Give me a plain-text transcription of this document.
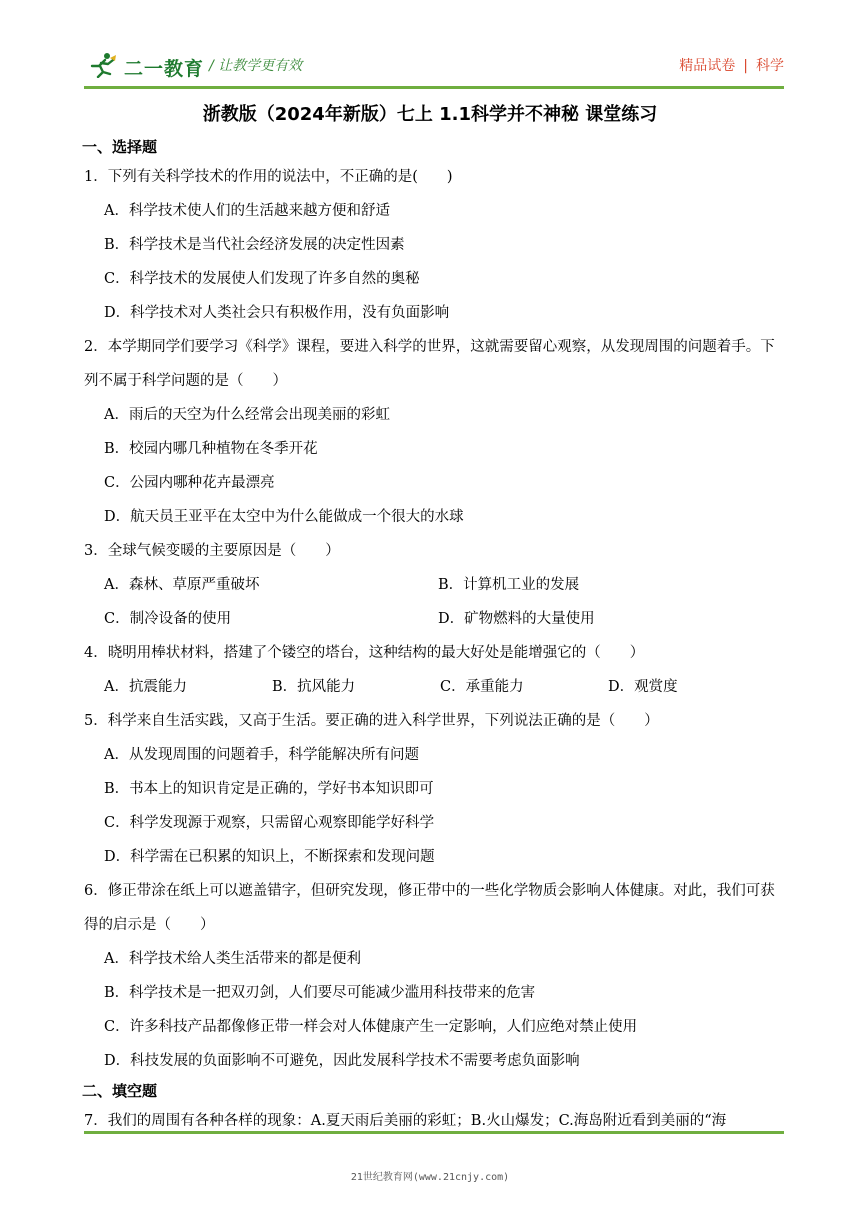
二一教育 / 让教学更有效	精品试卷 | 科学
浙教版（2024年新版）七上 1.1科学并不神秘 课堂练习
一、选择题
1．下列有关科学技术的作用的说法中，不正确的是(　　)
A．科学技术使人们的生活越来越方便和舒适
B．科学技术是当代社会经济发展的决定性因素
C．科学技术的发展使人们发现了许多自然的奥秘
D．科学技术对人类社会只有积极作用，没有负面影响
2．本学期同学们要学习《科学》课程，要进入科学的世界，这就需要留心观察，从发现周围的问题着手。下列不属于科学问题的是（　　）
A．雨后的天空为什么经常会出现美丽的彩虹
B．校园内哪几种植物在冬季开花
C．公园内哪种花卉最漂亮
D．航天员王亚平在太空中为什么能做成一个很大的水球
3．全球气候变暖的主要原因是（　　）
A．森林、草原严重破坏	B．计算机工业的发展
C．制冷设备的使用	D．矿物燃料的大量使用
4．晓明用棒状材料，搭建了个镂空的塔台，这种结构的最大好处是能增强它的（　　）
A．抗震能力	B．抗风能力	C．承重能力	D．观赏度
5．科学来自生活实践，又高于生活。要正确的进入科学世界，下列说法正确的是（　　）
A．从发现周围的问题着手，科学能解决所有问题
B．书本上的知识肯定是正确的，学好书本知识即可
C．科学发现源于观察，只需留心观察即能学好科学
D．科学需在已积累的知识上，不断探索和发现问题
6．修正带涂在纸上可以遮盖错字，但研究发现，修正带中的一些化学物质会影响人体健康。对此，我们可获得的启示是（　　）
A．科学技术给人类生活带来的都是便利
B．科学技术是一把双刃剑，人们要尽可能减少滥用科技带来的危害
C．许多科技产品都像修正带一样会对人体健康产生一定影响，人们应绝对禁止使用
D．科技发展的负面影响不可避免，因此发展科学技术不需要考虑负面影响
二、填空题
7．我们的周围有各种各样的现象：A.夏天雨后美丽的彩虹；B.火山爆发；C.海岛附近看到美丽的“海
21世纪教育网(www.21cnjy.com)
